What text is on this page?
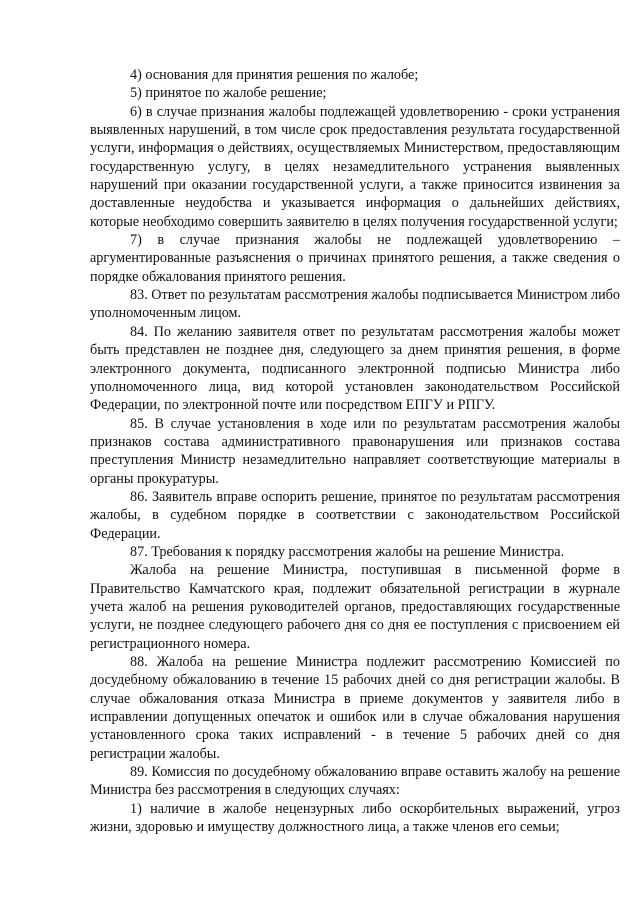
4) основания для принятия решения по жалобе;

5) принятое по жалобе решение;

6) в случае признания жалобы подлежащей удовлетворению - сроки устранения выявленных нарушений, в том числе срок предоставления результата государственной услуги, информация о действиях, осуществляемых Министерством, предоставляющим государственную услугу, в целях незамедлительного устранения выявленных нарушений при оказании государственной услуги, а также приносится извинения за доставленные неудобства и указывается информация о дальнейших действиях, которые необходимо совершить заявителю в целях получения государственной услуги;

7) в случае признания жалобы не подлежащей удовлетворению – аргументированные разъяснения о причинах принятого решения, а также сведения о порядке обжалования принятого решения.

83. Ответ по результатам рассмотрения жалобы подписывается Министром либо уполномоченным лицом.

84. По желанию заявителя ответ по результатам рассмотрения жалобы может быть представлен не позднее дня, следующего за днем принятия решения, в форме электронного документа, подписанного электронной подписью Министра либо уполномоченного лица, вид которой установлен законодательством Российской Федерации, по электронной почте или посредством ЕПГУ и РПГУ.

85. В случае установления в ходе или по результатам рассмотрения жалобы признаков состава административного правонарушения или признаков состава преступления Министр незамедлительно направляет соответствующие материалы в органы прокуратуры.

86. Заявитель вправе оспорить решение, принятое по результатам рассмотрения жалобы, в судебном порядке в соответствии с законодательством Российской Федерации.

87. Требования к порядку рассмотрения жалобы на решение Министра.

Жалоба на решение Министра, поступившая в письменной форме в Правительство Камчатского края, подлежит обязательной регистрации в журнале учета жалоб на решения руководителей органов, предоставляющих государственные услуги, не позднее следующего рабочего дня со дня ее поступления с присвоением ей регистрационного номера.

88. Жалоба на решение Министра подлежит рассмотрению Комиссией по досудебному обжалованию в течение 15 рабочих дней со дня регистрации жалобы. В случае обжалования отказа Министра в приеме документов у заявителя либо в исправлении допущенных опечаток и ошибок или в случае обжалования нарушения установленного срока таких исправлений - в течение 5 рабочих дней со дня регистрации жалобы.

89. Комиссия по досудебному обжалованию вправе оставить жалобу на решение Министра без рассмотрения в следующих случаях:

1) наличие в жалобе нецензурных либо оскорбительных выражений, угроз жизни, здоровью и имуществу должностного лица, а также членов его семьи;
